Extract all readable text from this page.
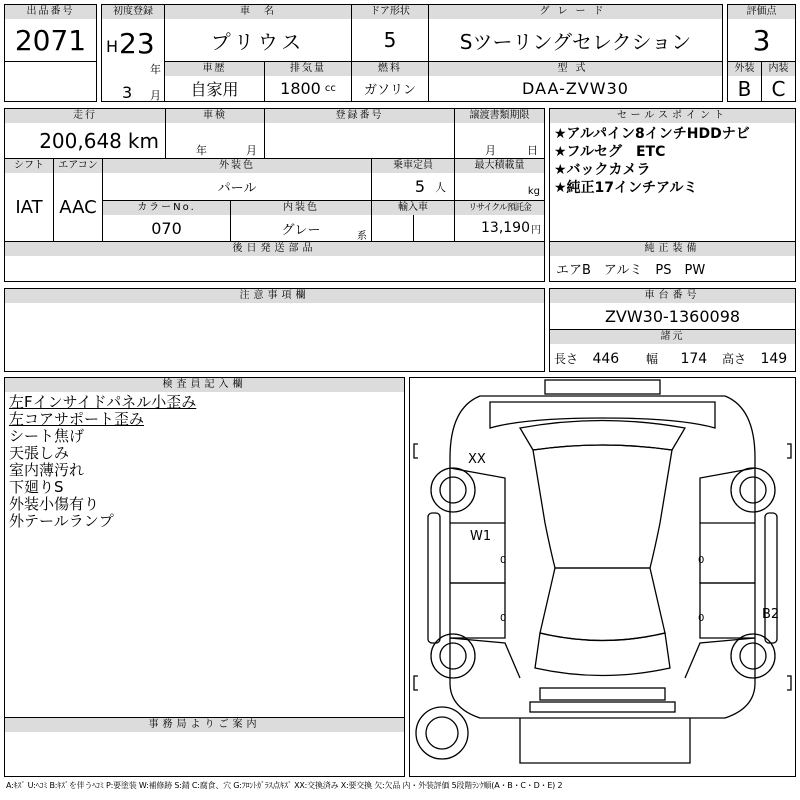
出品番号
2071
初度登録
H 23
年
3 月
車　名
プリウス
ドア形状
5
グレード
Sツーリングセレクション
評価点
3
車歴
自家用
排気量
1800 cc
燃料
ガソリン
型式
DAA-ZVW30
外装
B
内装
C
走行
200,648 km
車検
年	月
登録番号	譲渡書類期限
月	日
シフト
IAT
エアコン
AAC
外装色
パール
乗車定員
5 人
最大積載量
kg
カラーNo.
070
内装色
グレー	系
輸入車	リサイクル預託金
13,190 円
セールスポイント
★アルパイン8インチHDDナビ
★フルセグ　ETC
★バックカメラ
★純正17インチアルミ
後日発送部品	純正装備
エアB　アルミ　PS　PW
注意事項欄	車台番号
ZVW30-1360098
諸元
長さ 446 幅 174 高さ 149
検査員記入欄
左Fインサイドパネル小歪み
左コアサポート歪み
シート焦げ
天張しみ
室内薄汚れ
下廻りS
外装小傷有り
外テールランプ
事務局よりご案内
XX
W1
B2
0
0
0
0
A:ｷｽﾞ U:ﾍｺﾐ B:ｷｽﾞを伴うﾍｺﾐ P:要塗装 W:補修跡 S:錆 C:腐食、穴 G:ﾌﾛﾝﾄｶﾞﾗｽ点ｷｽﾞ XX:交換済み X:要交換 欠:欠品 内・外装評価 5段階ﾗﾝｸ順(A・B・C・D・E) 2
